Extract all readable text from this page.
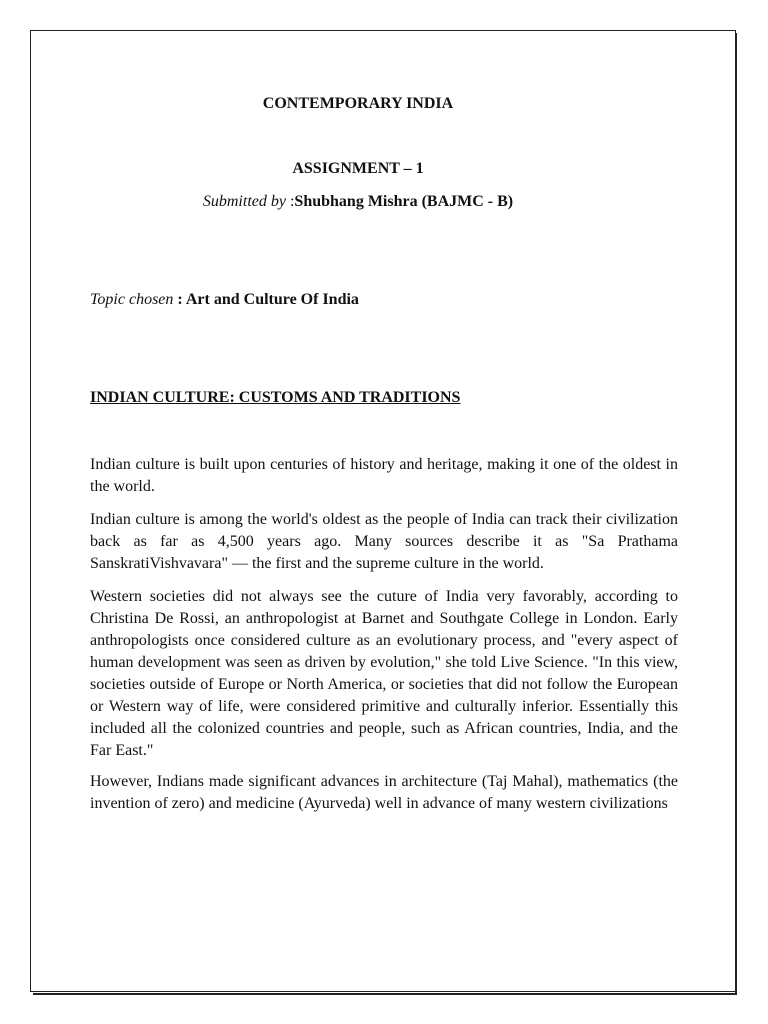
CONTEMPORARY INDIA
ASSIGNMENT – 1
Submitted by :Shubhang Mishra (BAJMC - B)
Topic chosen : Art and Culture Of India
INDIAN CULTURE: CUSTOMS AND TRADITIONS

Indian culture is built upon centuries of history and heritage, making it one of the oldest in the world.

Indian culture is among the world's oldest as the people of India can track their civilization back as far as 4,500 years ago. Many sources describe it as "Sa Prathama SanskratiVishvavara" — the first and the supreme culture in the world.

Western societies did not always see the cuture of India very favorably, according to Christina De Rossi, an anthropologist at Barnet and Southgate College in London. Early anthropologists once considered culture as an evolutionary process, and "every aspect of human development was seen as driven by evolution," she told Live Science. "In this view, societies outside of Europe or North America, or societies that did not follow the European or Western way of life, were considered primitive and culturally inferior. Essentially this included all the colonized countries and people, such as African countries, India, and the Far East."

However, Indians made significant advances in architecture (Taj Mahal), mathematics (the invention of zero) and medicine (Ayurveda) well in advance of many western civilizations
